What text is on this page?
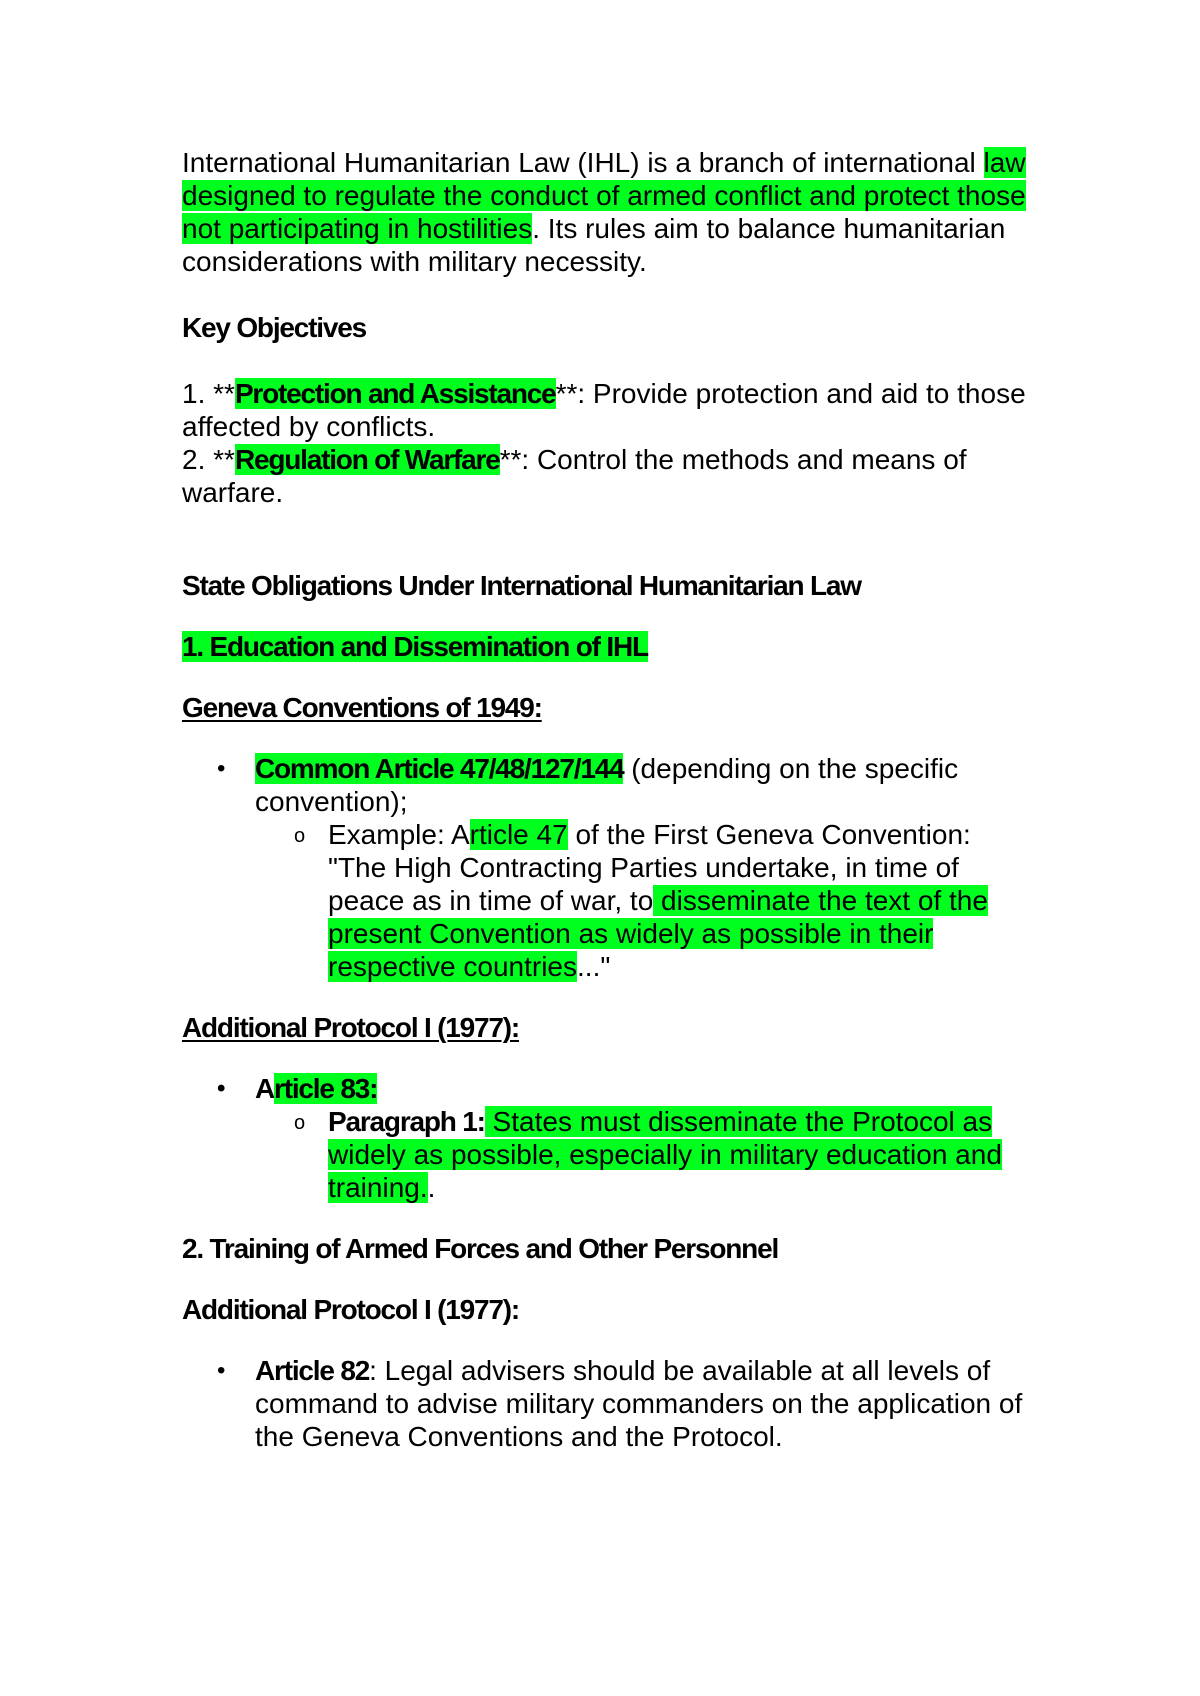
International Humanitarian Law (IHL) is a branch of international law designed to regulate the conduct of armed conflict and protect those not participating in hostilities. Its rules aim to balance humanitarian considerations with military necessity.

Key Objectives

1. **Protection and Assistance**: Provide protection and aid to those affected by conflicts.

2. **Regulation of Warfare**: Control the methods and means of warfare.

State Obligations Under International Humanitarian Law

1. Education and Dissemination of IHL

Geneva Conventions of 1949:

• Common Article 47/48/127/144 (depending on the specific convention);
o Example: Article 47 of the First Geneva Convention: "The High Contracting Parties undertake, in time of peace as in time of war, to disseminate the text of the present Convention as widely as possible in their respective countries..."

Additional Protocol I (1977):

• Article 83:
o Paragraph 1: States must disseminate the Protocol as widely as possible, especially in military education and training..

2. Training of Armed Forces and Other Personnel

Additional Protocol I (1977):

• Article 82: Legal advisers should be available at all levels of command to advise military commanders on the application of the Geneva Conventions and the Protocol.
